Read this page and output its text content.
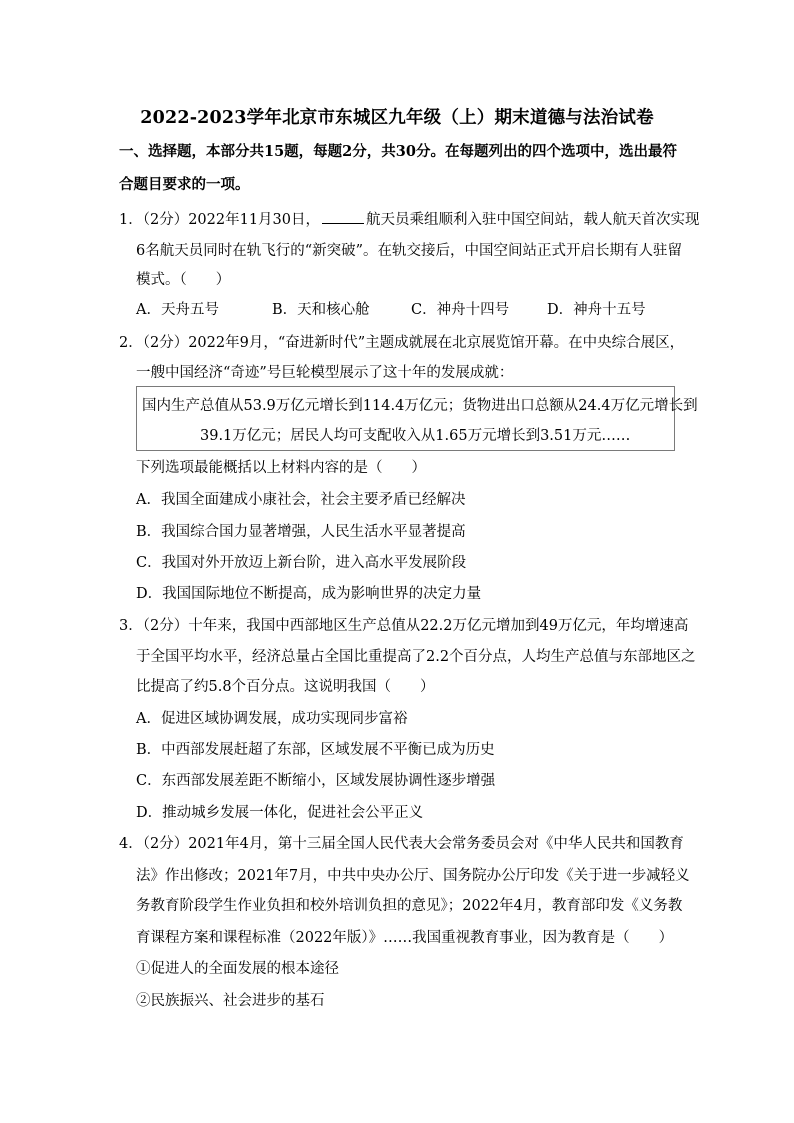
2022-2023学年北京市东城区九年级（上）期末道德与法治试卷
一、选择题，本部分共15题，每题2分，共30分。在每题列出的四个选项中，选出最符
合题目要求的一项。
1．（2分）2022年11月30日，	航天员乘组顺利入驻中国空间站，载人航天首次实现
6名航天员同时在轨飞行的“新突破”。在轨交接后，中国空间站正式开启长期有人驻留
模式。（　　）
A．天舟五号	B．天和核心舱	C．神舟十四号	D．神舟十五号
2．（2分）2022年9月，“奋进新时代”主题成就展在北京展览馆开幕。在中央综合展区，
一艘中国经济“奇迹”号巨轮模型展示了这十年的发展成就：
国内生产总值从53.9万亿元增长到114.4万亿元；货物进出口总额从24.4万亿元增长到
39.1万亿元；居民人均可支配收入从1.65万元增长到3.51万元……
下列选项最能概括以上材料内容的是（　　）
A．我国全面建成小康社会，社会主要矛盾已经解决
B．我国综合国力显著增强，人民生活水平显著提高
C．我国对外开放迈上新台阶，进入高水平发展阶段
D．我国国际地位不断提高，成为影响世界的决定力量
3．（2分）十年来，我国中西部地区生产总值从22.2万亿元增加到49万亿元，年均增速高
于全国平均水平，经济总量占全国比重提高了2.2个百分点，人均生产总值与东部地区之
比提高了约5.8个百分点。这说明我国（　　）
A．促进区域协调发展，成功实现同步富裕
B．中西部发展赶超了东部，区域发展不平衡已成为历史
C．东西部发展差距不断缩小，区域发展协调性逐步增强
D．推动城乡发展一体化，促进社会公平正义
4．（2分）2021年4月，第十三届全国人民代表大会常务委员会对《中华人民共和国教育
法》作出修改；2021年7月，中共中央办公厅、国务院办公厅印发《关于进一步减轻义
务教育阶段学生作业负担和校外培训负担的意见》；2022年4月，教育部印发《义务教
育课程方案和课程标准（2022年版）》……我国重视教育事业，因为教育是（　　）
①促进人的全面发展的根本途径
②民族振兴、社会进步的基石
